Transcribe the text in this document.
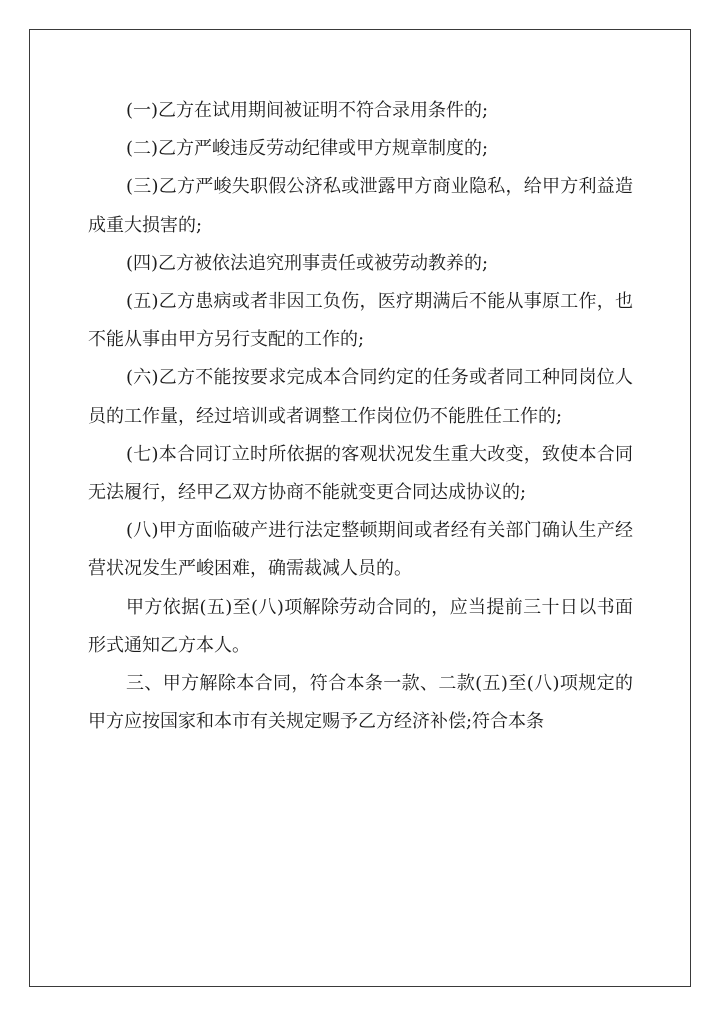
(一)乙方在试用期间被证明不符合录用条件的;

(二)乙方严峻违反劳动纪律或甲方规章制度的;

(三)乙方严峻失职假公济私或泄露甲方商业隐私，给甲方利益造成重大损害的;

(四)乙方被依法追究刑事责任或被劳动教养的;

(五)乙方患病或者非因工负伤，医疗期满后不能从事原工作，也不能从事由甲方另行支配的工作的;

(六)乙方不能按要求完成本合同约定的任务或者同工种同岗位人员的工作量，经过培训或者调整工作岗位仍不能胜任工作的;

(七)本合同订立时所依据的客观状况发生重大改变，致使本合同无法履行，经甲乙双方协商不能就变更合同达成协议的;

(八)甲方面临破产进行法定整顿期间或者经有关部门确认生产经营状况发生严峻困难，确需裁减人员的。

甲方依据(五)至(八)项解除劳动合同的，应当提前三十日以书面形式通知乙方本人。

三、甲方解除本合同，符合本条一款、二款(五)至(八)项规定的甲方应按国家和本市有关规定赐予乙方经济补偿;符合本条
